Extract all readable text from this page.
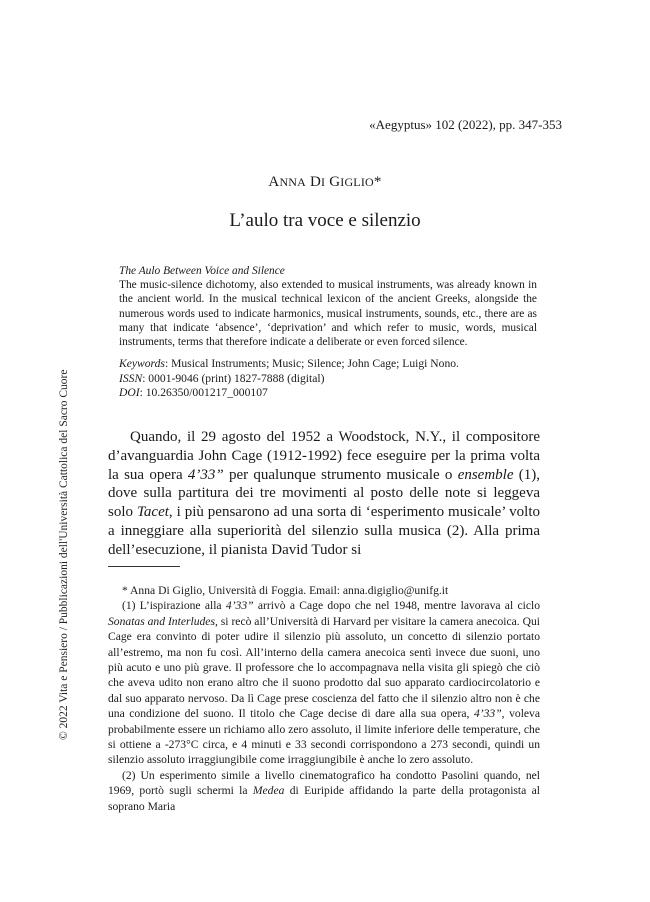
© 2022 Vita e Pensiero / Pubblicazioni dell'Università Cattolica del Sacro Cuore
«Aegyptus» 102 (2022), pp. 347-353
ANNA DI GIGLIO*
L’aulo tra voce e silenzio
The Aulo Between Voice and Silence
The music-silence dichotomy, also extended to musical instruments, was already known in the ancient world. In the musical technical lexicon of the ancient Greeks, alongside the numerous words used to indicate harmonics, musical instruments, sounds, etc., there are as many that indicate ‘absence’, ‘deprivation’ and which refer to music, words, musical instruments, terms that therefore indicate a deliberate or even forced silence.
Keywords: Musical Instruments; Music; Silence; John Cage; Luigi Nono.
ISSN: 0001-9046 (print) 1827-7888 (digital)
DOI: 10.26350/001217_000107

Quando, il 29 agosto del 1952 a Woodstock, N.Y., il compositore d’avanguardia John Cage (1912-1992) fece eseguire per la prima volta la sua opera 4’33” per qualunque strumento musicale o ensemble (1), dove sulla partitura dei tre movimenti al posto delle note si leggeva solo Tacet, i più pensarono ad una sorta di ‘esperimento musicale’ volto a inneggiare alla superiorità del silenzio sulla musica (2). Alla prima dell’esecuzione, il pianista David Tudor si

* Anna Di Giglio, Università di Foggia. Email: anna.digiglio@unifg.it

(1) L’ispirazione alla 4’33” arrivò a Cage dopo che nel 1948, mentre lavorava al ciclo Sonatas and Interludes, si recò all’Università di Harvard per visitare la camera anecoica. Qui Cage era convinto di poter udire il silenzio più assoluto, un concetto di silenzio portato all’estremo, ma non fu così. All’interno della camera anecoica sentì invece due suoni, uno più acuto e uno più grave. Il professore che lo accompagnava nella visita gli spiegò che ciò che aveva udito non erano altro che il suono prodotto dal suo apparato cardiocircolatorio e dal suo apparato nervoso. Da lì Cage prese coscienza del fatto che il silenzio altro non è che una condizione del suono. Il titolo che Cage decise di dare alla sua opera, 4’33”, voleva probabilmente essere un richiamo allo zero assoluto, il limite inferiore delle temperature, che si ottiene a -273°C circa, e 4 minuti e 33 secondi corrispondono a 273 secondi, quindi un silenzio assoluto irraggiungibile come irraggiungibile è anche lo zero assoluto.

(2) Un esperimento simile a livello cinematografico ha condotto Pasolini quando, nel 1969, portò sugli schermi la Medea di Euripide affidando la parte della protagonista al soprano Maria
